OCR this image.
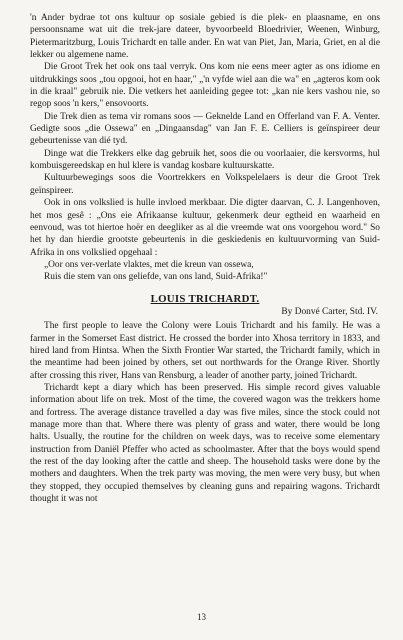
'n Ander bydrae tot ons kultuur op sosiale gebied is die plek- en plaasname, en ons persoonsname wat uit die trek-jare dateer, byvoorbeeld Bloedrivier, Weenen, Winburg, Pietermaritzburg, Louis Trichardt en talle ander. En wat van Piet, Jan, Maria, Griet, en al die lekker ou algemene name.

Die Groot Trek het ook ons taal verryk. Ons kom nie eens meer agter as ons idiome en uitdrukkings soos „tou opgooi, hot en haar," „'n vyfde wiel aan die wa" en „agteros kom ook in die kraal" gebruik nie. Die vetkers het aanleiding gegee tot: „kan nie kers vashou nie, so regop soos 'n kers," ensovoorts.

Die Trek dien as tema vir romans soos — Geknelde Land en Offerland van F. A. Venter. Gedigte soos „die Ossewa" en „Dingaansdag" van Jan F. E. Celliers is geïnspireer deur gebeurtenisse van dié tyd.

Dinge wat die Trekkers elke dag gebruik het, soos die ou voorlaaier, die kersvorms, hul kombuisgereedskap en hul klere is vandag kosbare kultuurskatte.

Kultuurbewegings soos die Voortrekkers en Volkspelelaers is deur die Groot Trek geïnspireer.

Ook in ons volkslied is hulle invloed merkbaar. Die digter daarvan, C. J. Langenhoven, het mos gesê : „Ons eie Afrikaanse kultuur, gekenmerk deur egtheid en waarheid en eenvoud, was tot hiertoe hoër en deegliker as al die vreemde wat ons voorgehou word." So het hy dan hierdie grootste gebeurtenis in die geskiedenis en kultuurvorming van Suid-Afrika in ons volkslied opgehaal :

„Oor ons ver-verlate vlaktes, met die kreun van ossewa,

Ruis die stem van ons geliefde, van ons land, Suid-Afrika!"

LOUIS TRICHARDT.
By Donvé Carter, Std. IV.

The first people to leave the Colony were Louis Trichardt and his family. He was a farmer in the Somerset East district. He crossed the border into Xhosa territory in 1833, and hired land from Hintsa. When the Sixth Frontier War started, the Trichardt family, which in the meantime had been joined by others, set out northwards for the Orange River. Shortly after crossing this river, Hans van Rensburg, a leader of another party, joined Trichardt.

Trichardt kept a diary which has been preserved. His simple record gives valuable information about life on trek. Most of the time, the covered wagon was the trekkers home and fortress. The average distance travelled a day was five miles, since the stock could not manage more than that. Where there was plenty of grass and water, there would be long halts. Usually, the routine for the children on week days, was to receive some elementary instruction from Daniël Pfeffer who acted as schoolmaster. After that the boys would spend the rest of the day looking after the cattle and sheep. The household tasks were done by the mothers and daughters. When the trek party was moving, the men were very busy, but when they stopped, they occupied themselves by cleaning guns and repairing wagons. Trichardt thought it was not

13
